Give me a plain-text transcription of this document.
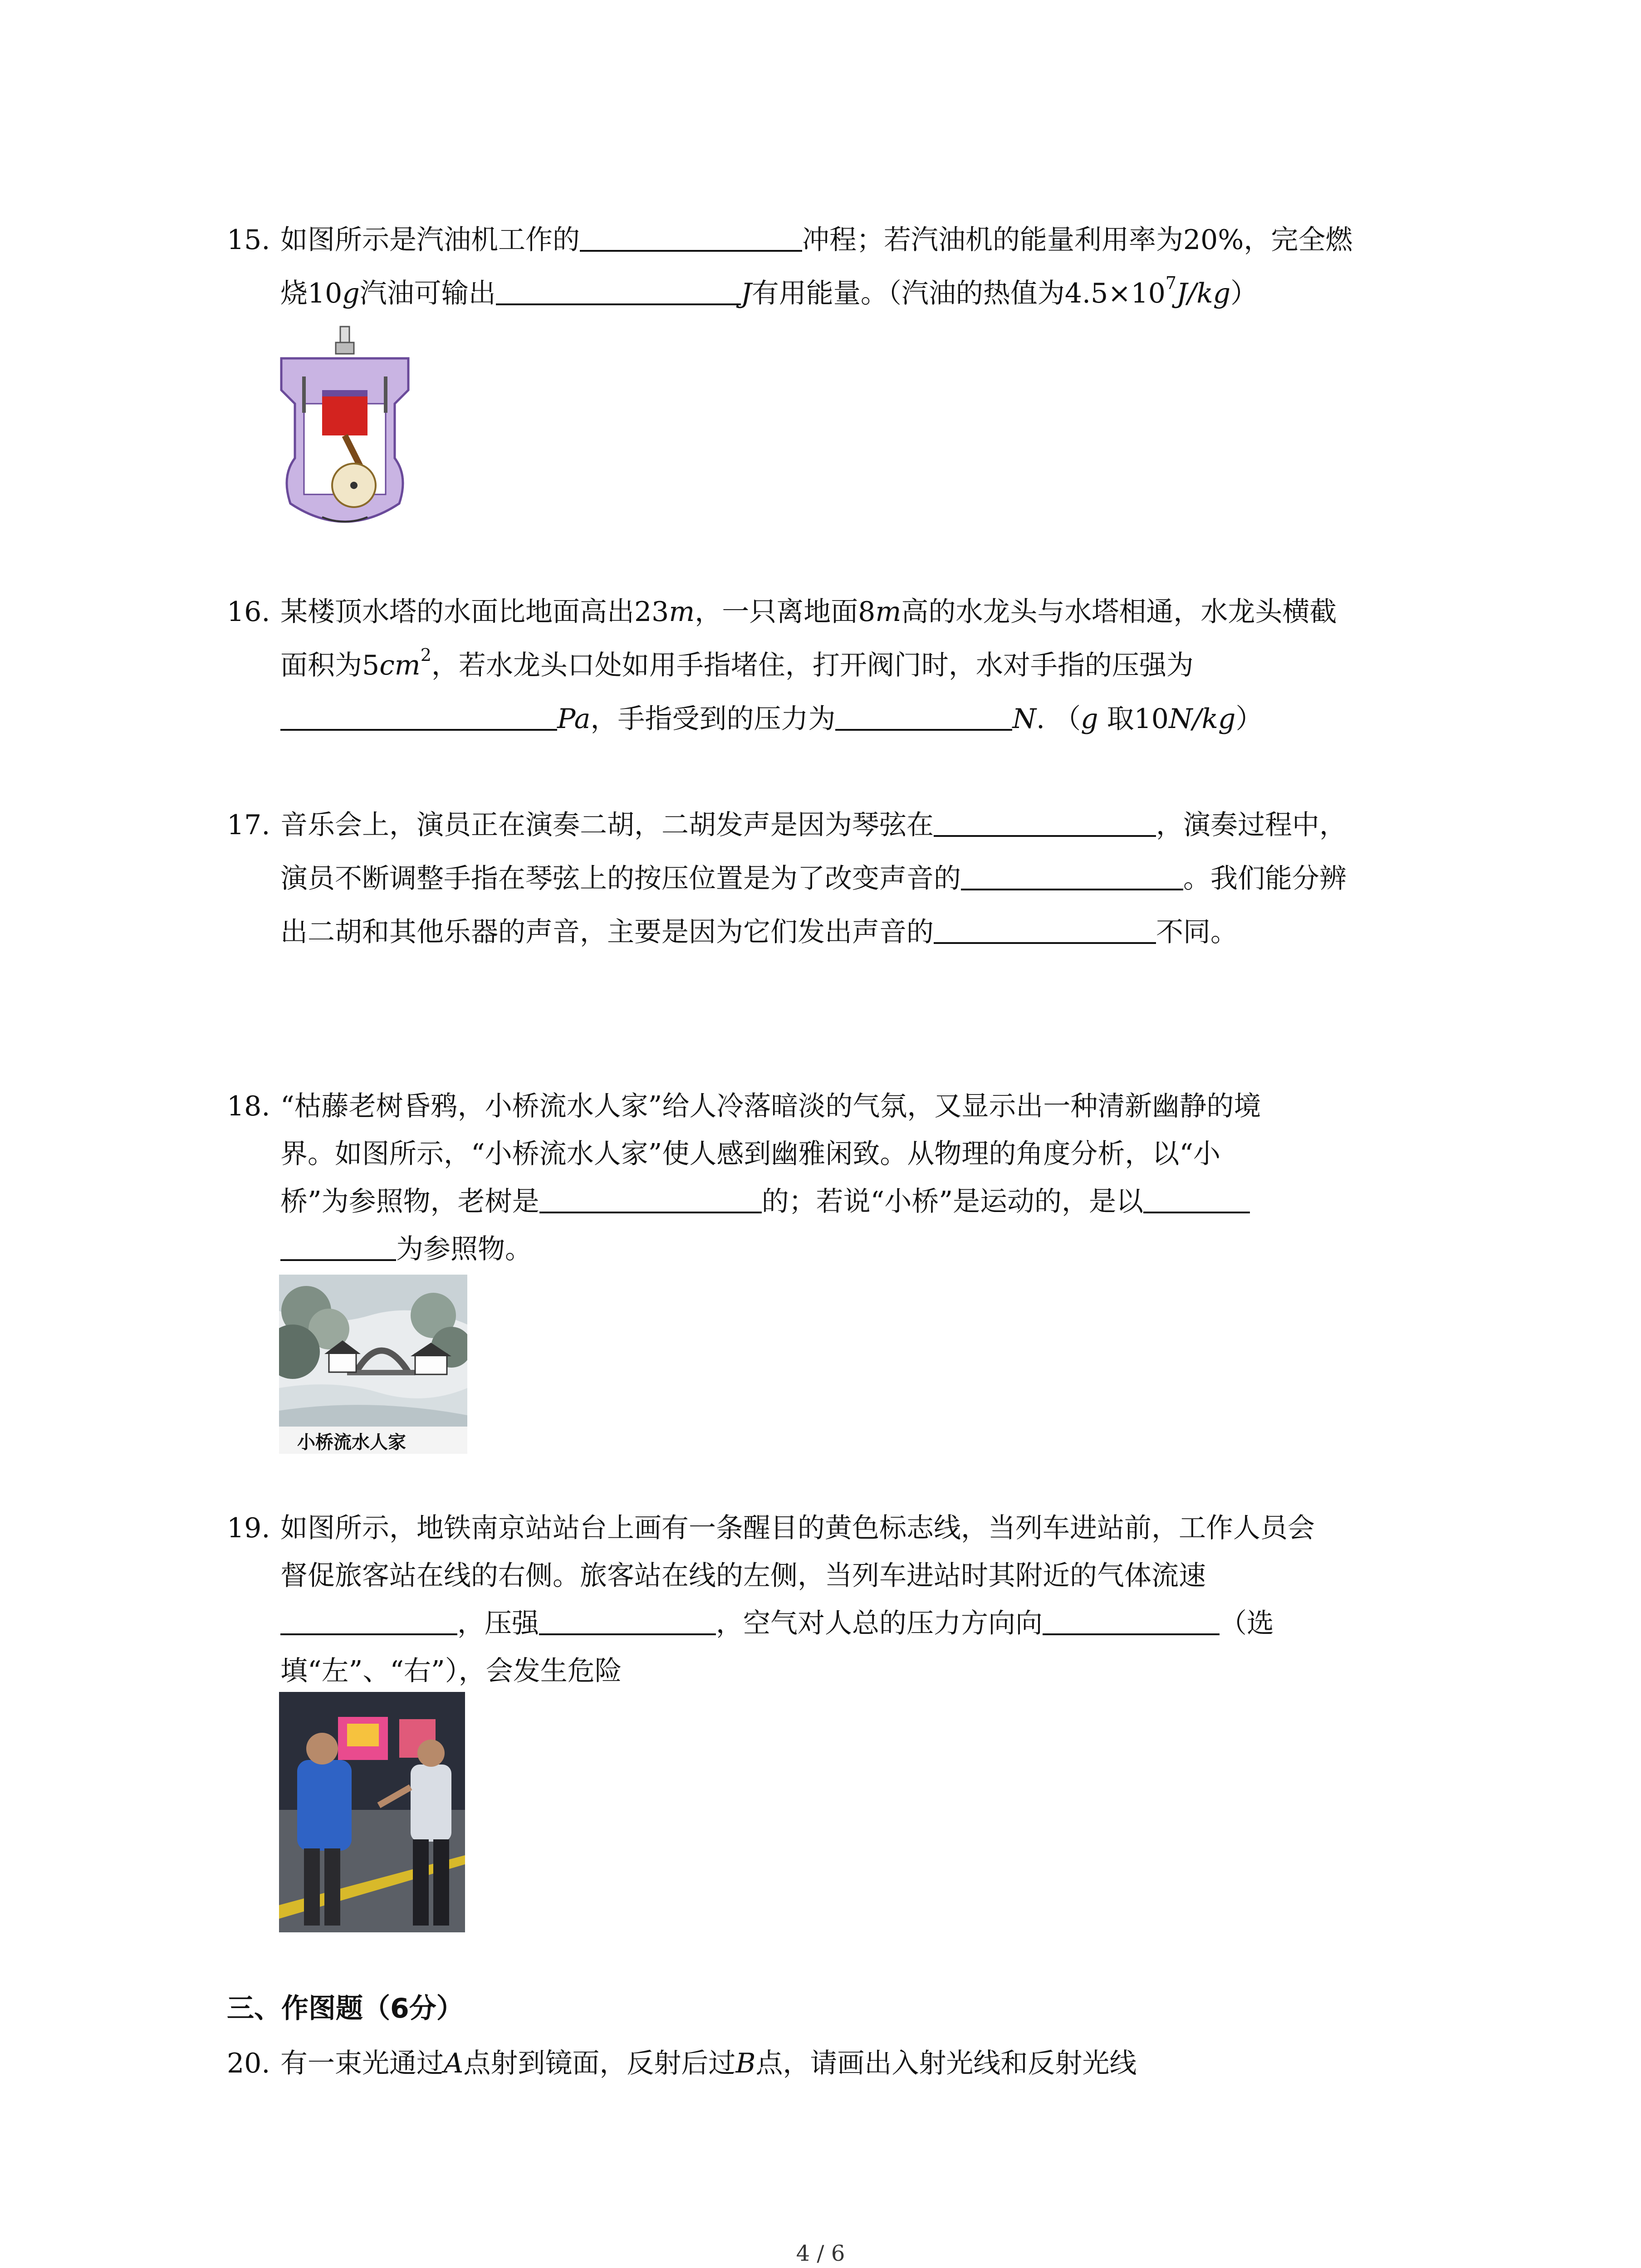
15. 如图所示是汽油机工作的	冲程；若汽油机的能量利用率为20%，完全燃
烧10g汽油可输出	J有用能量。（汽油的热值为$4.5\times 10^7J/kg$）
16. 某楼顶水塔的水面比地面高出23m，一只离地面8m高的水龙头与水塔相通，水龙头横截
面积为$5cm^2$，若水龙头口处如用手指堵住，打开阀门时，水对手指的压强为
Pa，手指受到的压力为	N. （g 取10N/kg）
17. 音乐会上，演员正在演奏二胡，二胡发声是因为琴弦在	，演奏过程中，
演员不断调整手指在琴弦上的按压位置是为了改变声音的	。我们能分辨
出二胡和其他乐器的声音，主要是因为它们发出声音的	不同。
18. “枯藤老树昏鸦，小桥流水人家”给人冷落暗淡的气氛，又显示出一种清新幽静的境
界。如图所示，“小桥流水人家”使人感到幽雅闲致。从物理的角度分析，以“小
桥”为参照物，老树是	的；若说“小桥”是运动的，是以
为参照物。
小桥流水人家
19. 如图所示，地铁南京站站台上画有一条醒目的黄色标志线，当列车进站前，工作人员会
督促旅客站在线的右侧。旅客站在线的左侧，当列车进站时其附近的气体流速
，压强	，空气对人总的压力方向向	（选
填“左”、“右”），会发生危险
三、作图题（6分）
20. 有一束光通过A点射到镜面，反射后过B点，请画出入射光线和反射光线
4 / 6
